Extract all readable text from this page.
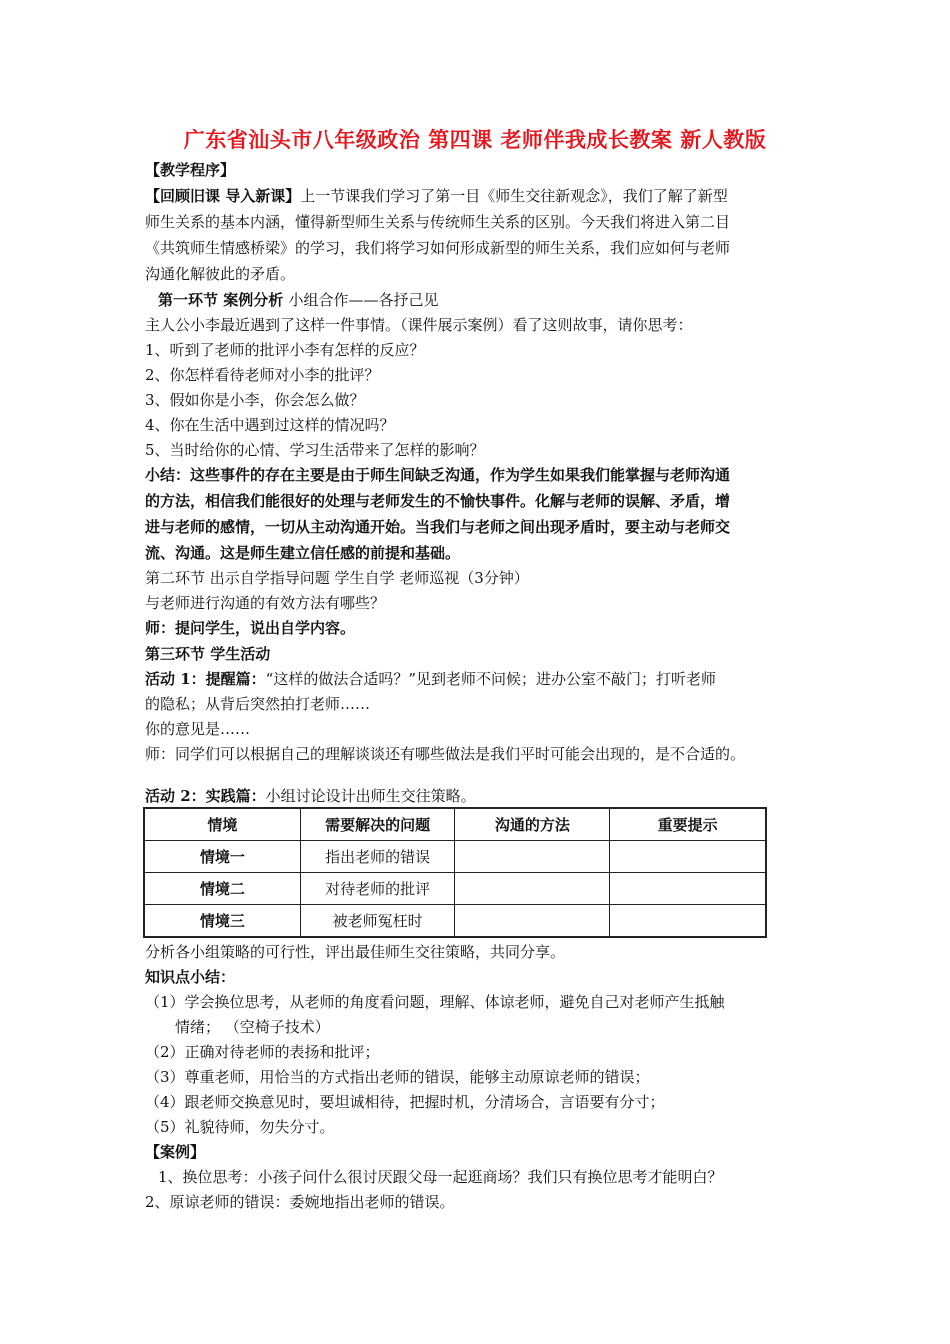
广东省汕头市八年级政治 第四课 老师伴我成长教案 新人教版
【教学程序】
【回顾旧课 导入新课】上一节课我们学习了第一目《师生交往新观念》，我们了解了新型
师生关系的基本内涵，懂得新型师生关系与传统师生关系的区别。今天我们将进入第二目
《共筑师生情感桥梁》的学习，我们将学习如何形成新型的师生关系，我们应如何与老师
沟通化解彼此的矛盾。
第一环节 案例分析 小组合作——各抒己见
主人公小李最近遇到了这样一件事情。（课件展示案例）看了这则故事，请你思考：
1、听到了老师的批评小李有怎样的反应？
2、你怎样看待老师对小李的批评？
3、假如你是小李，你会怎么做？
4、你在生活中遇到过这样的情况吗？
5、当时给你的心情、学习生活带来了怎样的影响？
小结：这些事件的存在主要是由于师生间缺乏沟通，作为学生如果我们能掌握与老师沟通
的方法，相信我们能很好的处理与老师发生的不愉快事件。化解与老师的误解、矛盾，增
进与老师的感情，一切从主动沟通开始。当我们与老师之间出现矛盾时，要主动与老师交
流、沟通。这是师生建立信任感的前提和基础。
第二环节 出示自学指导问题 学生自学 老师巡视（3分钟）
与老师进行沟通的有效方法有哪些？
师：提问学生，说出自学内容。
第三环节 学生活动
活动 1：提醒篇：“这样的做法合适吗？”见到老师不问候；进办公室不敲门；打听老师
的隐私；从背后突然拍打老师……
你的意见是……
师：同学们可以根据自己的理解谈谈还有哪些做法是我们平时可能会出现的，是不合适的。
活动 2：实践篇：小组讨论设计出师生交往策略。
情境	需要解决的问题	沟通的方法	重要提示
情境一	指出老师的错误		
情境二	对待老师的批评		
情境三	被老师冤枉时		
分析各小组策略的可行性，评出最佳师生交往策略，共同分享。
知识点小结：
（1）学会换位思考，从老师的角度看问题，理解、体谅老师，避免自己对老师产生抵触
情绪； （空椅子技术）
（2）正确对待老师的表扬和批评；
（3）尊重老师，用恰当的方式指出老师的错误，能够主动原谅老师的错误；
（4）跟老师交换意见时，要坦诚相待，把握时机，分清场合，言语要有分寸；
（5）礼貌待师，勿失分寸。
【案例】
1、换位思考：小孩子问什么很讨厌跟父母一起逛商场？我们只有换位思考才能明白？
2、原谅老师的错误：委婉地指出老师的错误。
